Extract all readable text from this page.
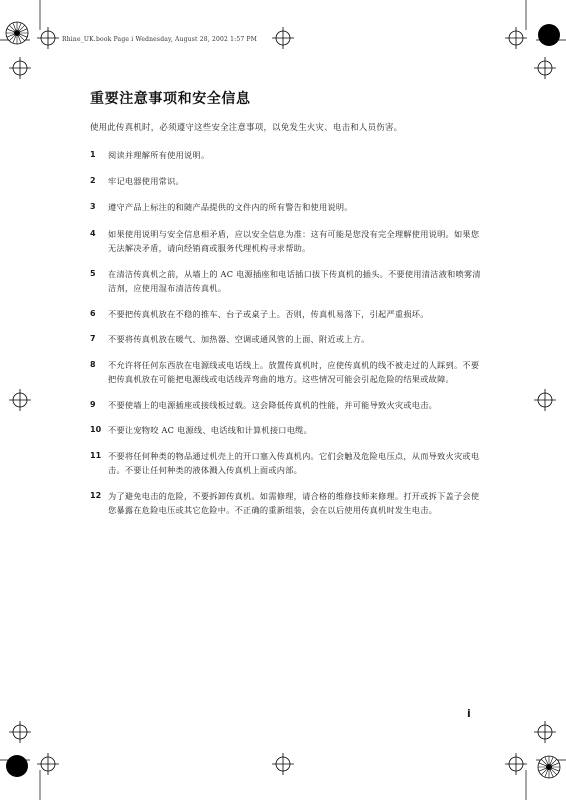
Rhine_UK.book Page i Wednesday, August 28, 2002 1:57 PM
重要注意事项和安全信息
使用此传真机时，必须遵守这些安全注意事项，以免发生火灾、电击和人员伤害。
1	阅读并理解所有使用说明。
2	牢记电器使用常识。
3	遵守产品上标注的和随产品提供的文件内的所有警告和使用说明。
4	如果使用说明与安全信息相矛盾，应以安全信息为准：这有可能是您没有完全理解使用说明。如果您无法解决矛盾，请向经销商或服务代理机构寻求帮助。
5	在清洁传真机之前，从墙上的 AC 电源插座和电话插口拔下传真机的插头。不要使用清洁液和喷雾清洁剂，应使用湿布清洁传真机。
6	不要把传真机放在不稳的推车、台子或桌子上。否则，传真机易落下，引起严重损坏。
7	不要将传真机放在暖气、加热器、空调或通风管的上面、附近或上方。
8	不允许将任何东西放在电源线或电话线上。放置传真机时，应使传真机的线不被走过的人踩到。不要把传真机放在可能把电源线或电话线弄弯曲的地方。这些情况可能会引起危险的结果或故障。
9	不要使墙上的电源插座或接线板过载。这会降低传真机的性能，并可能导致火灾或电击。
10 不要让宠物咬 AC 电源线、电话线和计算机接口电缆。
11 不要将任何种类的物品通过机壳上的开口塞入传真机内。它们会触及危险电压点，从而导致火灾或电击。不要让任何种类的液体溅入传真机上面或内部。
12 为了避免电击的危险，不要拆卸传真机。如需修理，请合格的维修技师来修理。打开或拆下盖子会使您暴露在危险电压或其它危险中。不正确的重新组装，会在以后使用传真机时发生电击。
i
